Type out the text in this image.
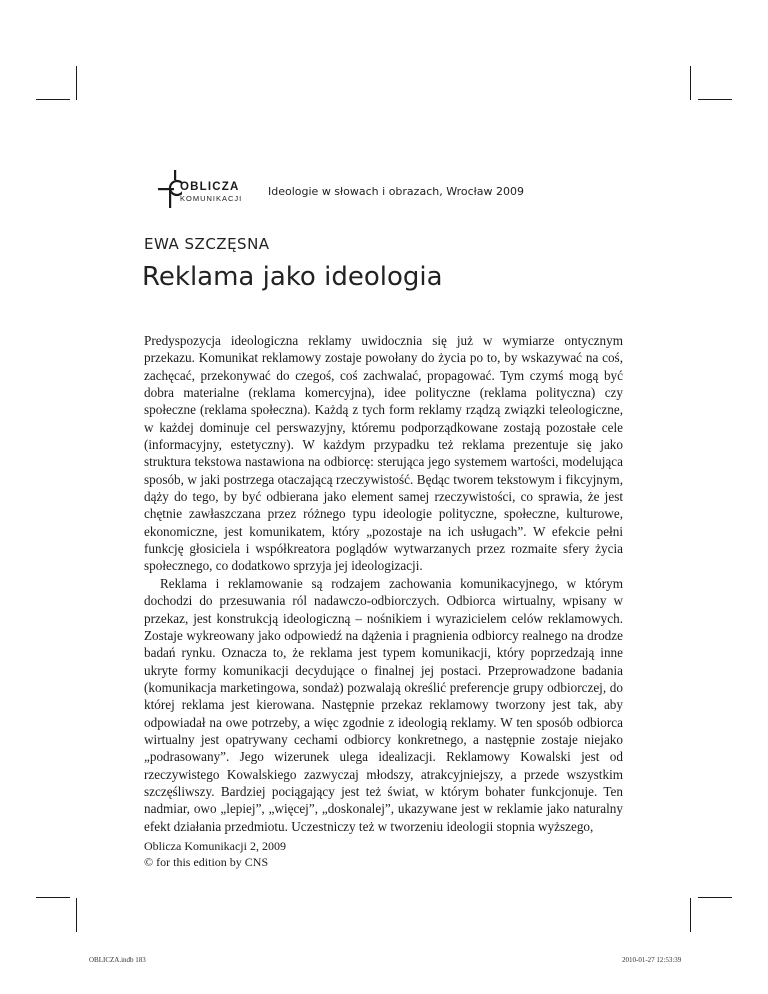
OBLICZA
KOMUNIKACJI
Ideologie w słowach i obrazach, Wrocław 2009
EWA SZCZĘSNA
Reklama jako ideologia

Predyspozycja ideologiczna reklamy uwidocznia się już w wymiarze ontycznym przekazu. Komunikat reklamowy zostaje powołany do życia po to, by wskazywać na coś, zachęcać, przekonywać do czegoś, coś zachwalać, propagować. Tym czymś mogą być dobra materialne (reklama komercyjna), idee polityczne (reklama polityczna) czy społeczne (reklama społeczna). Każdą z tych form reklamy rządzą związki teleologiczne, w każdej dominuje cel perswazyjny, któremu podporządkowane zostają pozostałe cele (informacyjny, estetyczny). W każdym przypadku też reklama prezentuje się jako struktura tekstowa nastawiona na odbiorcę: sterująca jego systemem wartości, modelująca sposób, w jaki postrzega otaczającą rzeczywistość. Będąc tworem tekstowym i fikcyjnym, dąży do tego, by być odbierana jako element samej rzeczywistości, co sprawia, że jest chętnie zawłaszczana przez różnego typu ideologie polityczne, społeczne, kulturowe, ekonomiczne, jest komunikatem, który „pozostaje na ich usługach”. W efekcie pełni funkcję głosiciela i współkreatora poglądów wytwarzanych przez rozmaite sfery życia społecznego, co dodatkowo sprzyja jej ideologizacji.

Reklama i reklamowanie są rodzajem zachowania komunikacyjnego, w którym dochodzi do przesuwania ról nadawczo-odbiorczych. Odbiorca wirtualny, wpisany w przekaz, jest konstrukcją ideologiczną – nośnikiem i wyrazicielem celów reklamowych. Zostaje wykreowany jako odpowiedź na dążenia i pragnienia odbiorcy realnego na drodze badań rynku. Oznacza to, że reklama jest typem komunikacji, który poprzedzają inne ukryte formy komunikacji decydujące o finalnej jej postaci. Przeprowadzone badania (komunikacja marketingowa, sondaż) pozwalają określić preferencje grupy odbiorczej, do której reklama jest kierowana. Następnie przekaz reklamowy tworzony jest tak, aby odpowiadał na owe potrzeby, a więc zgodnie z ideologią reklamy. W ten sposób odbiorca wirtualny jest opatrywany cechami odbiorcy konkretnego, a następnie zostaje niejako „podrasowany”. Jego wizerunek ulega idealizacji. Reklamowy Kowalski jest od rzeczywistego Kowalskiego zazwyczaj młodszy, atrakcyjniejszy, a przede wszystkim szczęśliwszy. Bardziej pociągający jest też świat, w którym bohater funkcjonuje. Ten nadmiar, owo „lepiej”, „więcej”, „doskonalej”, ukazywane jest w reklamie jako naturalny efekt działania przedmiotu. Uczestniczy też w tworzeniu ideologii stopnia wyższego,

Oblicza Komunikacji 2, 2009
© for this edition by CNS
OBLICZA.indb 183	2010-01-27 12:53:39
